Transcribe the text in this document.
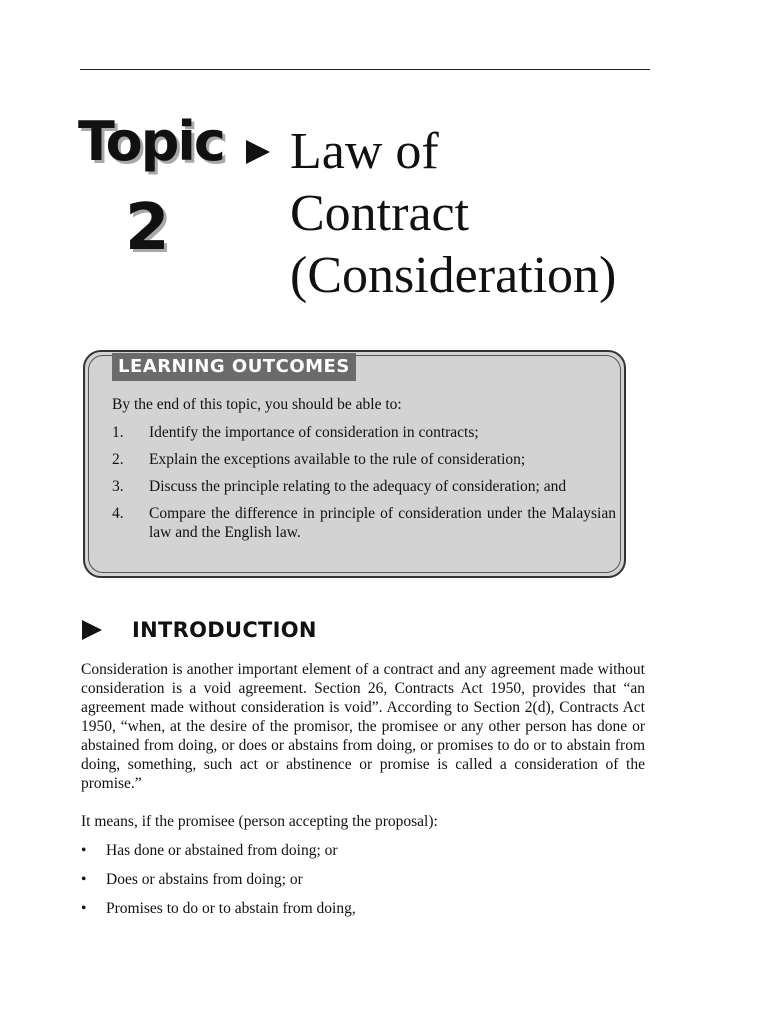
Topic
2
Law of
Contract
(Consideration)
LEARNING OUTCOMES
By the end of this topic, you should be able to:
1.	Identify the importance of consideration in contracts;
2.	Explain the exceptions available to the rule of consideration;
3.	Discuss the principle relating to the adequacy of consideration; and
4.	Compare the difference in principle of consideration under the Malaysian law and the English law.
INTRODUCTION

Consideration is another important element of a contract and any agreement made without consideration is a void agreement. Section 26, Contracts Act 1950, provides that “an agreement made without consideration is void”. According to Section 2(d), Contracts Act 1950, “when, at the desire of the promisor, the promisee or any other person has done or abstained from doing, or does or abstains from doing, or promises to do or to abstain from doing, something, such act or abstinence or promise is called a consideration of the promise.”

It means, if the promisee (person accepting the proposal):
•	Has done or abstained from doing; or
•	Does or abstains from doing; or
•	Promises to do or to abstain from doing,
